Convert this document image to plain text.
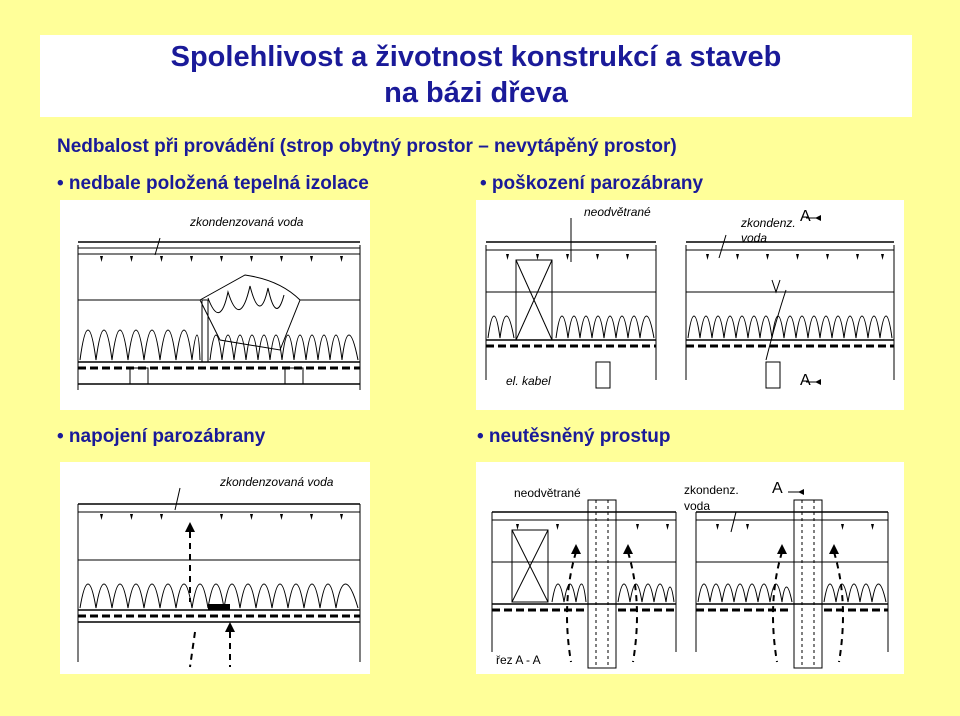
Spolehlivost a životnost konstrukcí a staveb
na bázi dřeva
Nedbalost při provádění (strop obytný prostor – nevytápěný prostor)
• nedbale položená tepelná izolace	• poškození parozábrany
• napojení parozábrany	• neutěsněný prostup
zkondenzovaná voda
neodvětrané
zkondenz.
voda
el. kabel
A
A
zkondenzovaná voda
neodvětrané	zkondenz.
voda
A
řez A - A
